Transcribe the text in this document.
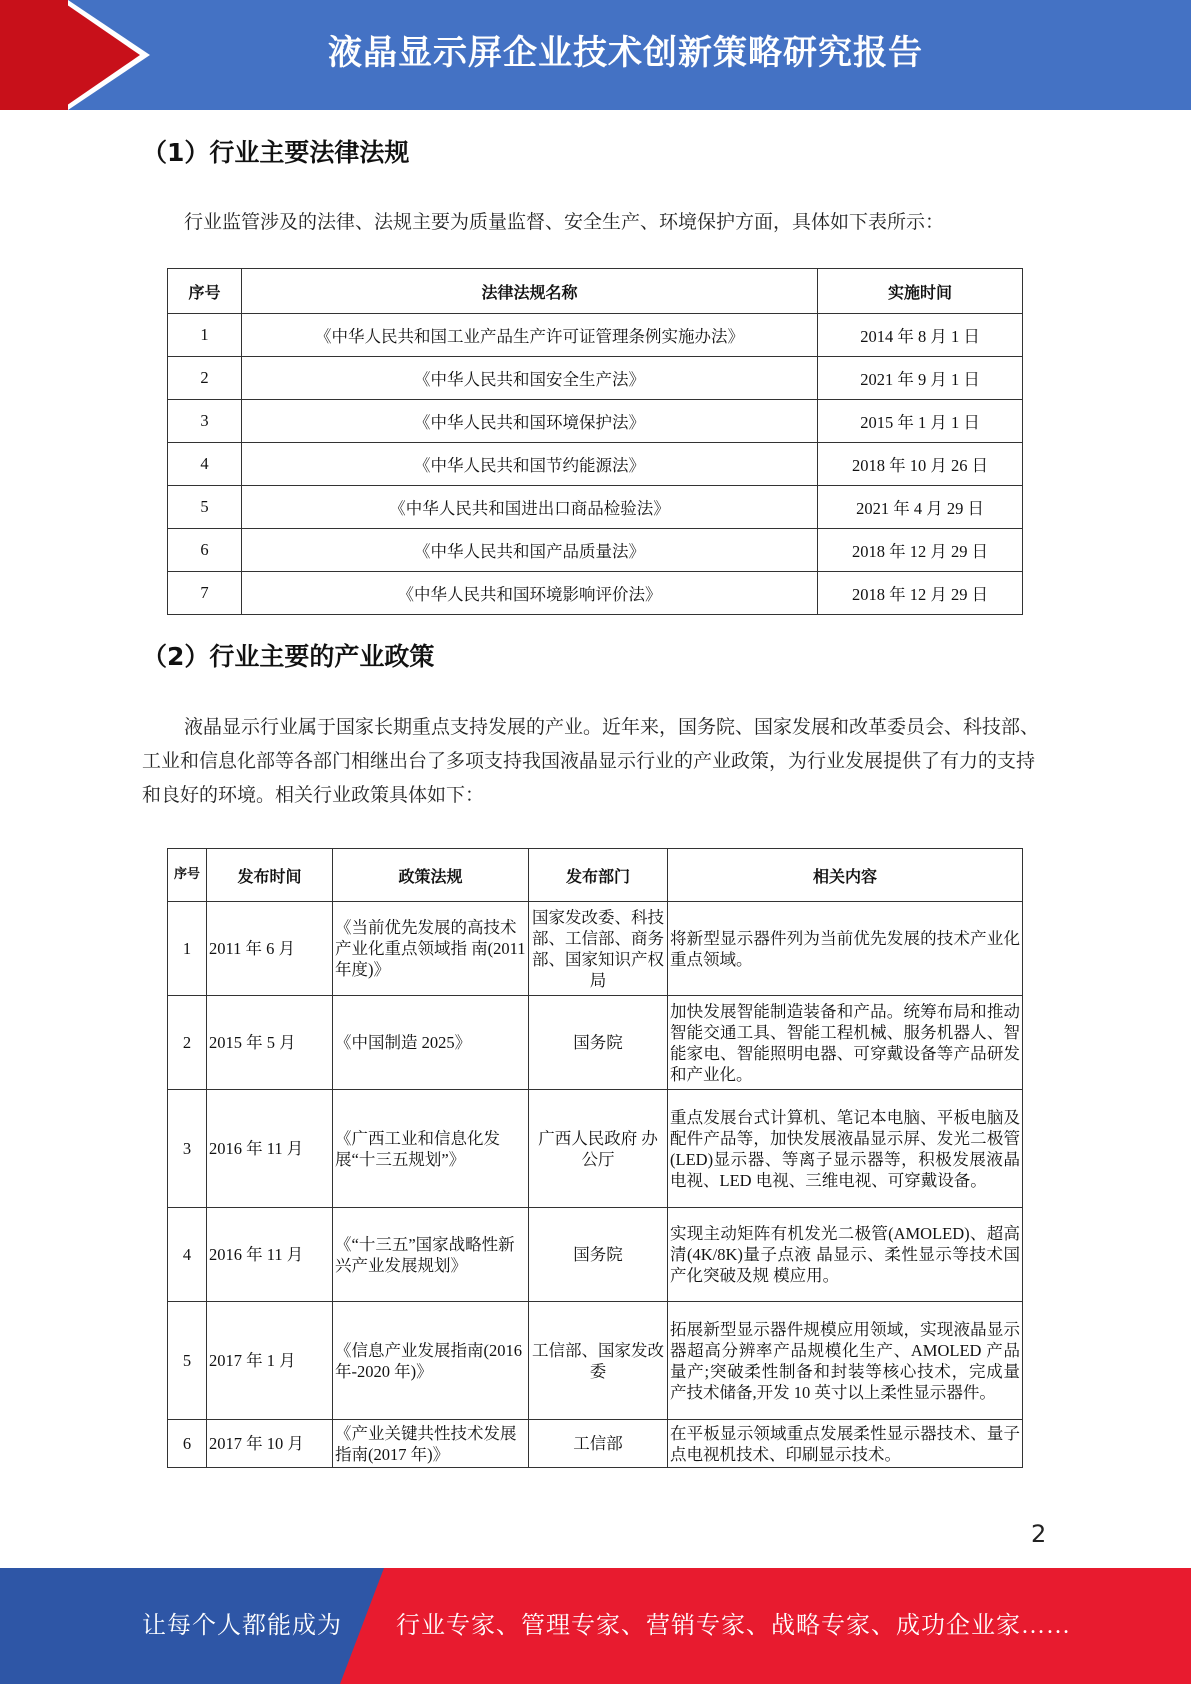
液晶显示屏企业技术创新策略研究报告
（1）行业主要法律法规

行业监管涉及的法律、法规主要为质量监督、安全生产、环境保护方面，具体如下表所示：

序号	法律法规名称	实施时间
1	《中华人民共和国工业产品生产许可证管理条例实施办法》	2014 年 8 月 1 日
2	《中华人民共和国安全生产法》	2021 年 9 月 1 日
3	《中华人民共和国环境保护法》	2015 年 1 月 1 日
4	《中华人民共和国节约能源法》	2018 年 10 月 26 日
5	《中华人民共和国进出口商品检验法》	2021 年 4 月 29 日
6	《中华人民共和国产品质量法》	2018 年 12 月 29 日
7	《中华人民共和国环境影响评价法》	2018 年 12 月 29 日
（2）行业主要的产业政策

液晶显示行业属于国家长期重点支持发展的产业。近年来，国务院、国家发展和改革委员会、科技部、工业和信息化部等各部门相继出台了多项支持我国液晶显示行业的产业政策，为行业发展提供了有力的支持和良好的环境。相关行业政策具体如下：

序号	发布时间	政策法规	发布部门	相关内容
1	2011 年 6 月	《当前优先发展的高技术产业化重点领域指 南(2011 年度)》	国家发改委、科技部、工信部、商务部、国家知识产权局	将新型显示器件列为当前优先发展的技术产业化重点领域。
2	2015 年 5 月	《中国制造 2025》	国务院	加快发展智能制造装备和产品。统筹布局和推动智能交通工具、智能工程机械、服务机器人、智能家电、智能照明电器、可穿戴设备等产品研发和产业化。
3	2016 年 11 月	《广西工业和信息化发展“十三五规划”》	广西人民政府 办公厅	重点发展台式计算机、笔记本电脑、平板电脑及配件产品等，加快发展液晶显示屏、发光二极管(LED)显示器、等离子显示器等，积极发展液晶电视、LED 电视、三维电视、可穿戴设备。
4	2016 年 11 月	《“十三五”国家战略性新兴产业发展规划》	国务院	实现主动矩阵有机发光二极管(AMOLED)、超高清(4K/8K)量子点液 晶显示、柔性显示等技术国产化突破及规 模应用。
5	2017 年 1 月	《信息产业发展指南(2016 年-2020 年)》	工信部、国家发改委	拓展新型显示器件规模应用领域，实现液晶显示器超高分辨率产品规模化生产、AMOLED 产品量产;突破柔性制备和封装等核心技术，完成量产技术储备,开发 10 英寸以上柔性显示器件。
6	2017 年 10 月	《产业关键共性技术发展指南(2017 年)》	工信部	在平板显示领域重点发展柔性显示器技术、量子点电视机技术、印刷显示技术。
2
让每个人都能成为 行业专家、管理专家、营销专家、战略专家、成功企业家……
